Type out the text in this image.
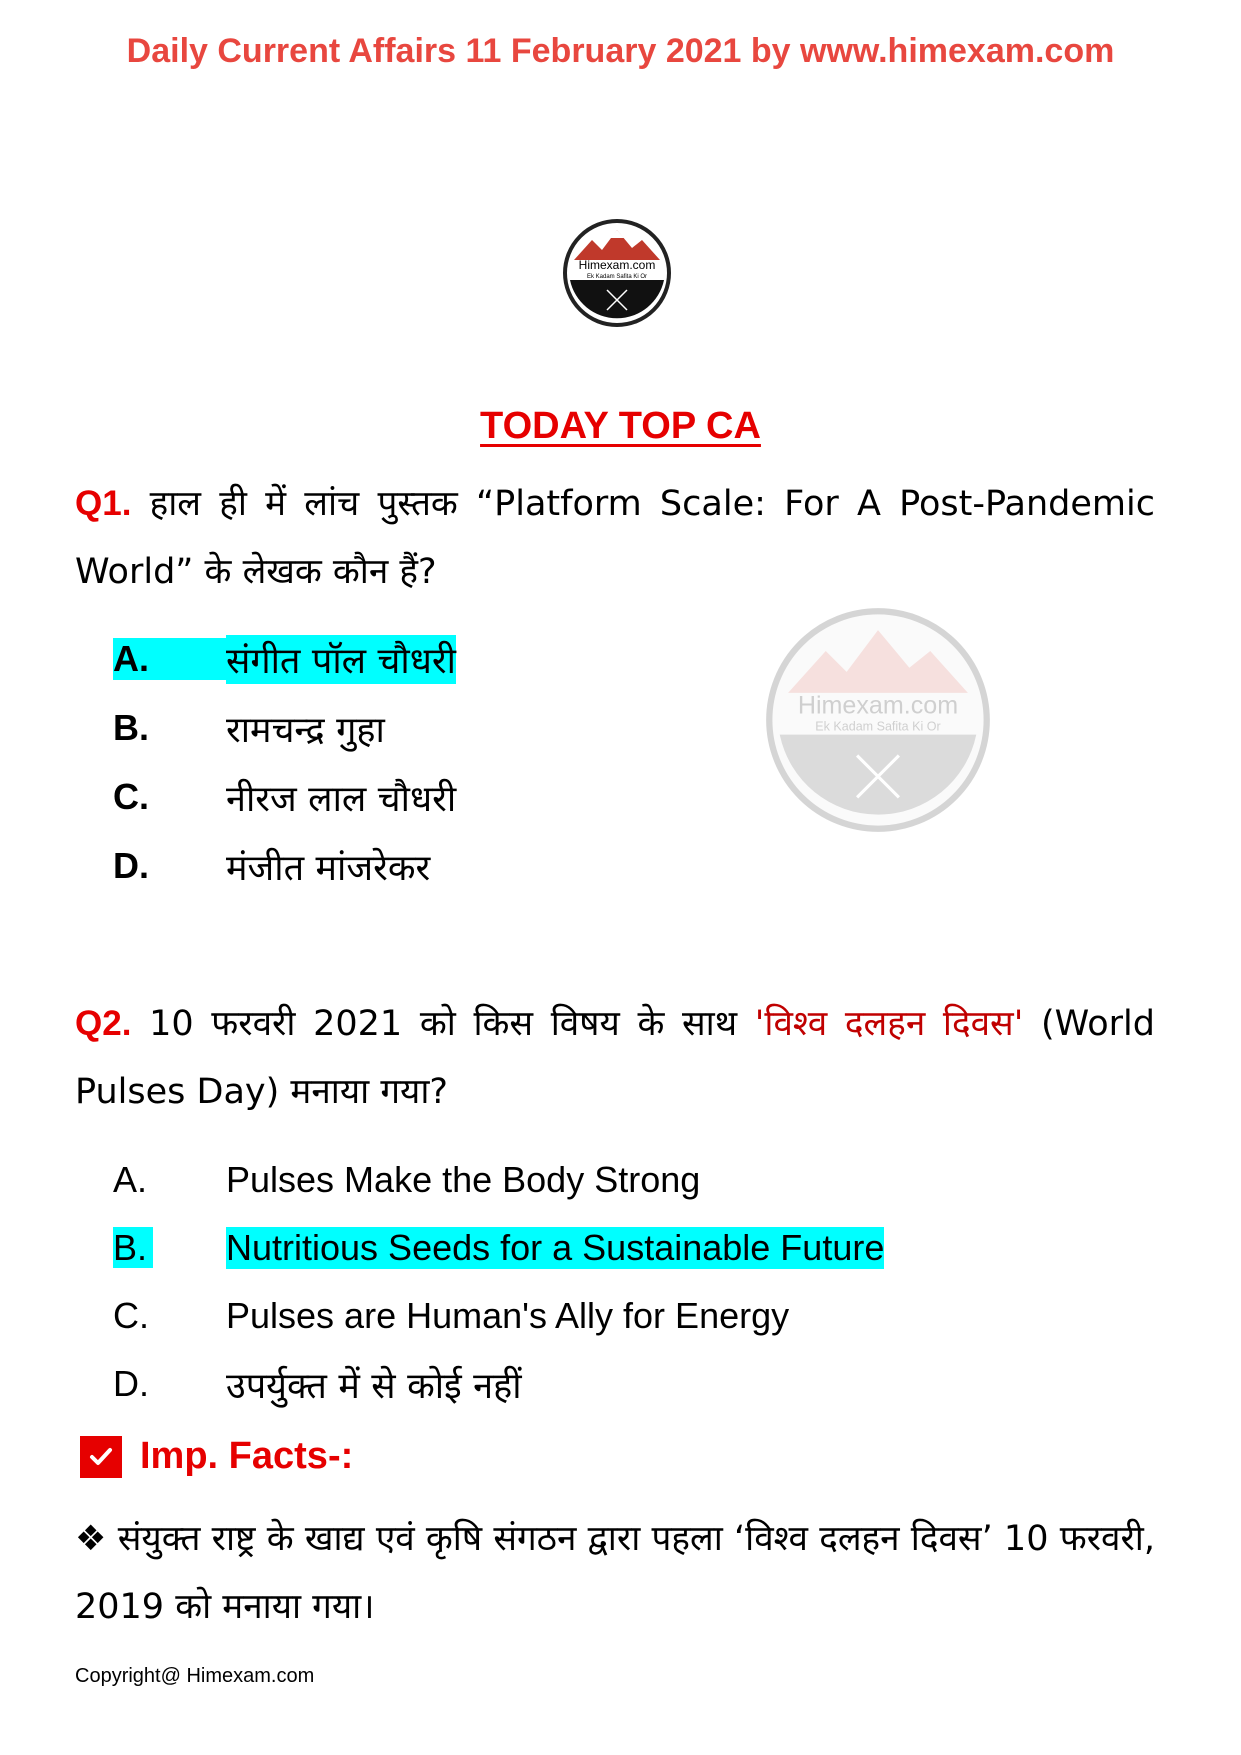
Daily Current Affairs 11 February 2021 by www.himexam.com
Himexam.com
Ek Kadam Safita Ki Or
Himexam.com
Ek Kadam Safita Ki Or
TODAY TOP CA
Q1. हाल ही में लांच पुस्तक “Platform Scale: For A Post-Pandemic World” के लेखक कौन हैं?
A.	संगीत पॉल चौधरी
B.	रामचन्द्र गुहा
C.	नीरज लाल चौधरी
D.	मंजीत मांजरेकर
Q2. 10 फरवरी 2021 को किस विषय के साथ 'विश्व दलहन दिवस' (World Pulses Day) मनाया गया?
A.	Pulses Make the Body Strong
B. Nutritious Seeds for a Sustainable Future
C.	Pulses are Human's Ally for Energy
D.	उपर्युक्त में से कोई नहीं
Imp. Facts-:
❖ संयुक्त राष्ट्र के खाद्य एवं कृषि संगठन द्वारा पहला ‘विश्व दलहन दिवस’ 10 फरवरी, 2019 को मनाया गया।
Copyright@ Himexam.com
